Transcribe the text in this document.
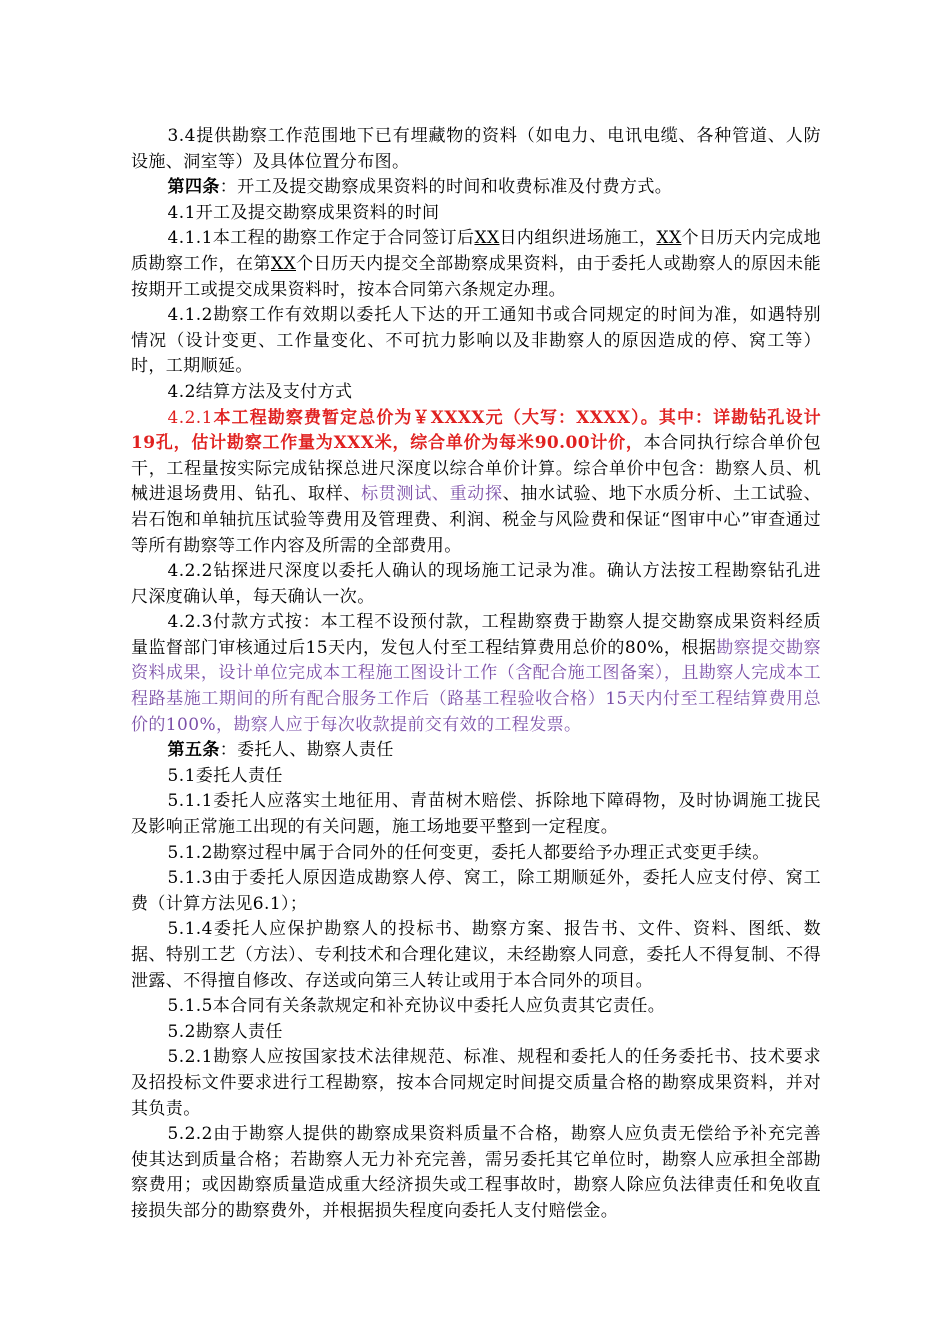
3.4提供勘察工作范围地下已有埋藏物的资料（如电力、电讯电缆、各种管道、人防设施、洞室等）及具体位置分布图。

第四条：开工及提交勘察成果资料的时间和收费标准及付费方式。

4.1开工及提交勘察成果资料的时间

4.1.1本工程的勘察工作定于合同签订后XX日内组织进场施工，XX个日历天内完成地质勘察工作，在第XX个日历天内提交全部勘察成果资料，由于委托人或勘察人的原因未能按期开工或提交成果资料时，按本合同第六条规定办理。

4.1.2勘察工作有效期以委托人下达的开工通知书或合同规定的时间为准，如遇特别情况（设计变更、工作量变化、不可抗力影响以及非勘察人的原因造成的停、窝工等）时，工期顺延。

4.2结算方法及支付方式

4.2.1本工程勘察费暂定总价为￥XXXX元（大写：XXXX）。其中：详勘钻孔设计19孔，估计勘察工作量为XXX米，综合单价为每米90.00计价，本合同执行综合单价包干，工程量按实际完成钻探总进尺深度以综合单价计算。综合单价中包含：勘察人员、机械进退场费用、钻孔、取样、标贯测试、重动探、抽水试验、地下水质分析、土工试验、岩石饱和单轴抗压试验等费用及管理费、利润、税金与风险费和保证“图审中心”审查通过等所有勘察等工作内容及所需的全部费用。

4.2.2钻探进尺深度以委托人确认的现场施工记录为准。确认方法按工程勘察钻孔进尺深度确认单，每天确认一次。

4.2.3付款方式按：本工程不设预付款，工程勘察费于勘察人提交勘察成果资料经质量监督部门审核通过后15天内，发包人付至工程结算费用总价的80%，根据勘察提交勘察资料成果，设计单位完成本工程施工图设计工作（含配合施工图备案），且勘察人完成本工程路基施工期间的所有配合服务工作后（路基工程验收合格）15天内付至工程结算费用总价的100%，勘察人应于每次收款提前交有效的工程发票。

第五条：委托人、勘察人责任

5.1委托人责任

5.1.1委托人应落实土地征用、青苗树木赔偿、拆除地下障碍物，及时协调施工拢民及影响正常施工出现的有关问题，施工场地要平整到一定程度。

5.1.2勘察过程中属于合同外的任何变更，委托人都要给予办理正式变更手续。

5.1.3由于委托人原因造成勘察人停、窝工，除工期顺延外，委托人应支付停、窝工费（计算方法见6.1）；

5.1.4委托人应保护勘察人的投标书、勘察方案、报告书、文件、资料、图纸、数据、特别工艺（方法）、专利技术和合理化建议，未经勘察人同意，委托人不得复制、不得泄露、不得擅自修改、存送或向第三人转让或用于本合同外的项目。

5.1.5本合同有关条款规定和补充协议中委托人应负责其它责任。

5.2勘察人责任

5.2.1勘察人应按国家技术法律规范、标准、规程和委托人的任务委托书、技术要求及招投标文件要求进行工程勘察，按本合同规定时间提交质量合格的勘察成果资料，并对其负责。

5.2.2由于勘察人提供的勘察成果资料质量不合格，勘察人应负责无偿给予补充完善使其达到质量合格；若勘察人无力补充完善，需另委托其它单位时，勘察人应承担全部勘察费用；或因勘察质量造成重大经济损失或工程事故时，勘察人除应负法律责任和免收直接损失部分的勘察费外，并根据损失程度向委托人支付赔偿金。
